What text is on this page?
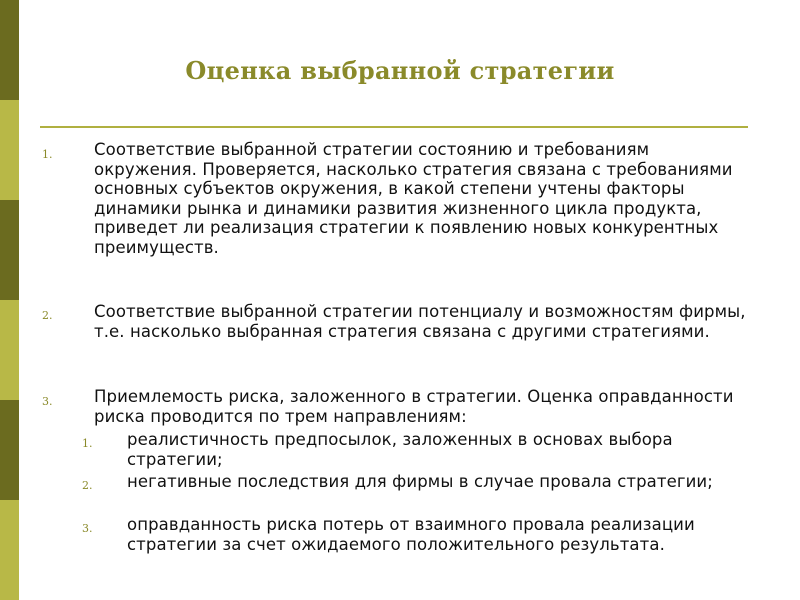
Оценка выбранной стратегии
1.	Соответствие выбранной стратегии состоянию и требованиям окружения. Проверяется, насколько стратегия связана с требованиями основных субъектов окружения, в какой степени учтены факторы динамики рынка и динамики развития жизненного цикла продукта, приведет ли реализация стратегии к появлению новых конкурентных преимуществ.
2.	Соответствие выбранной стратегии потенциалу и возможностям фирмы, т.е. насколько выбранная стратегия связана с другими стратегиями.
3.	Приемлемость риска, заложенного в стратегии. Оценка оправданности риска проводится по трем направлениям:
1. реалистичность предпосылок, заложенных в основах выбора стратегии;
2. негативные последствия для фирмы в случае провала стратегии;
3. оправданность риска потерь от взаимного провала реализации стратегии за счет ожидаемого положительного результата.
